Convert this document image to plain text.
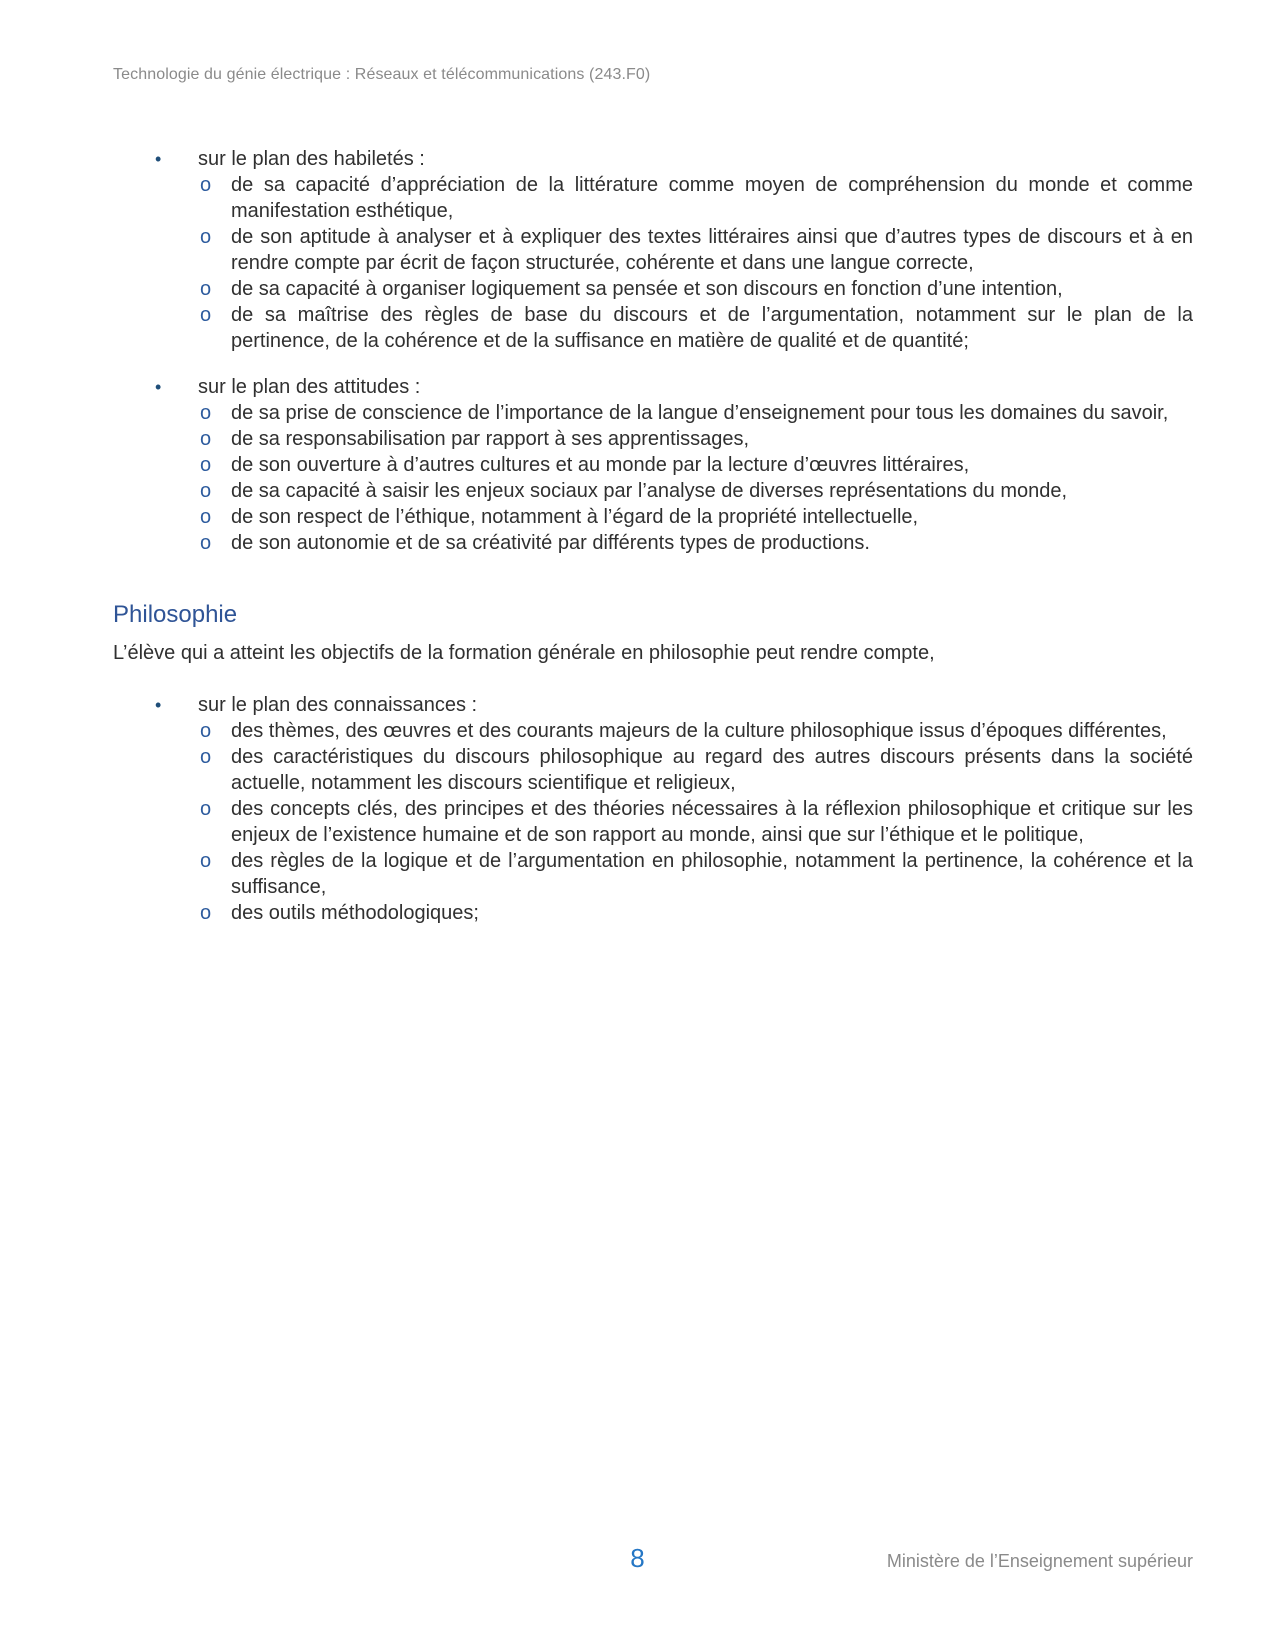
Technologie du génie électrique : Réseaux et télécommunications (243.F0)
•	sur le plan des habiletés :
o de sa capacité d’appréciation de la littérature comme moyen de compréhension du monde et comme manifestation esthétique,
o de son aptitude à analyser et à expliquer des textes littéraires ainsi que d’autres types de discours et à en rendre compte par écrit de façon structurée, cohérente et dans une langue correcte,
o de sa capacité à organiser logiquement sa pensée et son discours en fonction d’une intention,
o de sa maîtrise des règles de base du discours et de l’argumentation, notamment sur le plan de la pertinence, de la cohérence et de la suffisance en matière de qualité et de quantité;
•	sur le plan des attitudes :
o de sa prise de conscience de l’importance de la langue d’enseignement pour tous les domaines du savoir,
o de sa responsabilisation par rapport à ses apprentissages,
o de son ouverture à d’autres cultures et au monde par la lecture d’œuvres littéraires,
o de sa capacité à saisir les enjeux sociaux par l’analyse de diverses représentations du monde,
o de son respect de l’éthique, notamment à l’égard de la propriété intellectuelle,
o de son autonomie et de sa créativité par différents types de productions.
Philosophie

L’élève qui a atteint les objectifs de la formation générale en philosophie peut rendre compte,

•	sur le plan des connaissances :
o des thèmes, des œuvres et des courants majeurs de la culture philosophique issus d’époques différentes,
o des caractéristiques du discours philosophique au regard des autres discours présents dans la société actuelle, notamment les discours scientifique et religieux,
o des concepts clés, des principes et des théories nécessaires à la réflexion philosophique et critique sur les enjeux de l’existence humaine et de son rapport au monde, ainsi que sur l’éthique et le politique,
o des règles de la logique et de l’argumentation en philosophie, notamment la pertinence, la cohérence et la suffisance,
o des outils méthodologiques;
8	Ministère de l’Enseignement supérieur
